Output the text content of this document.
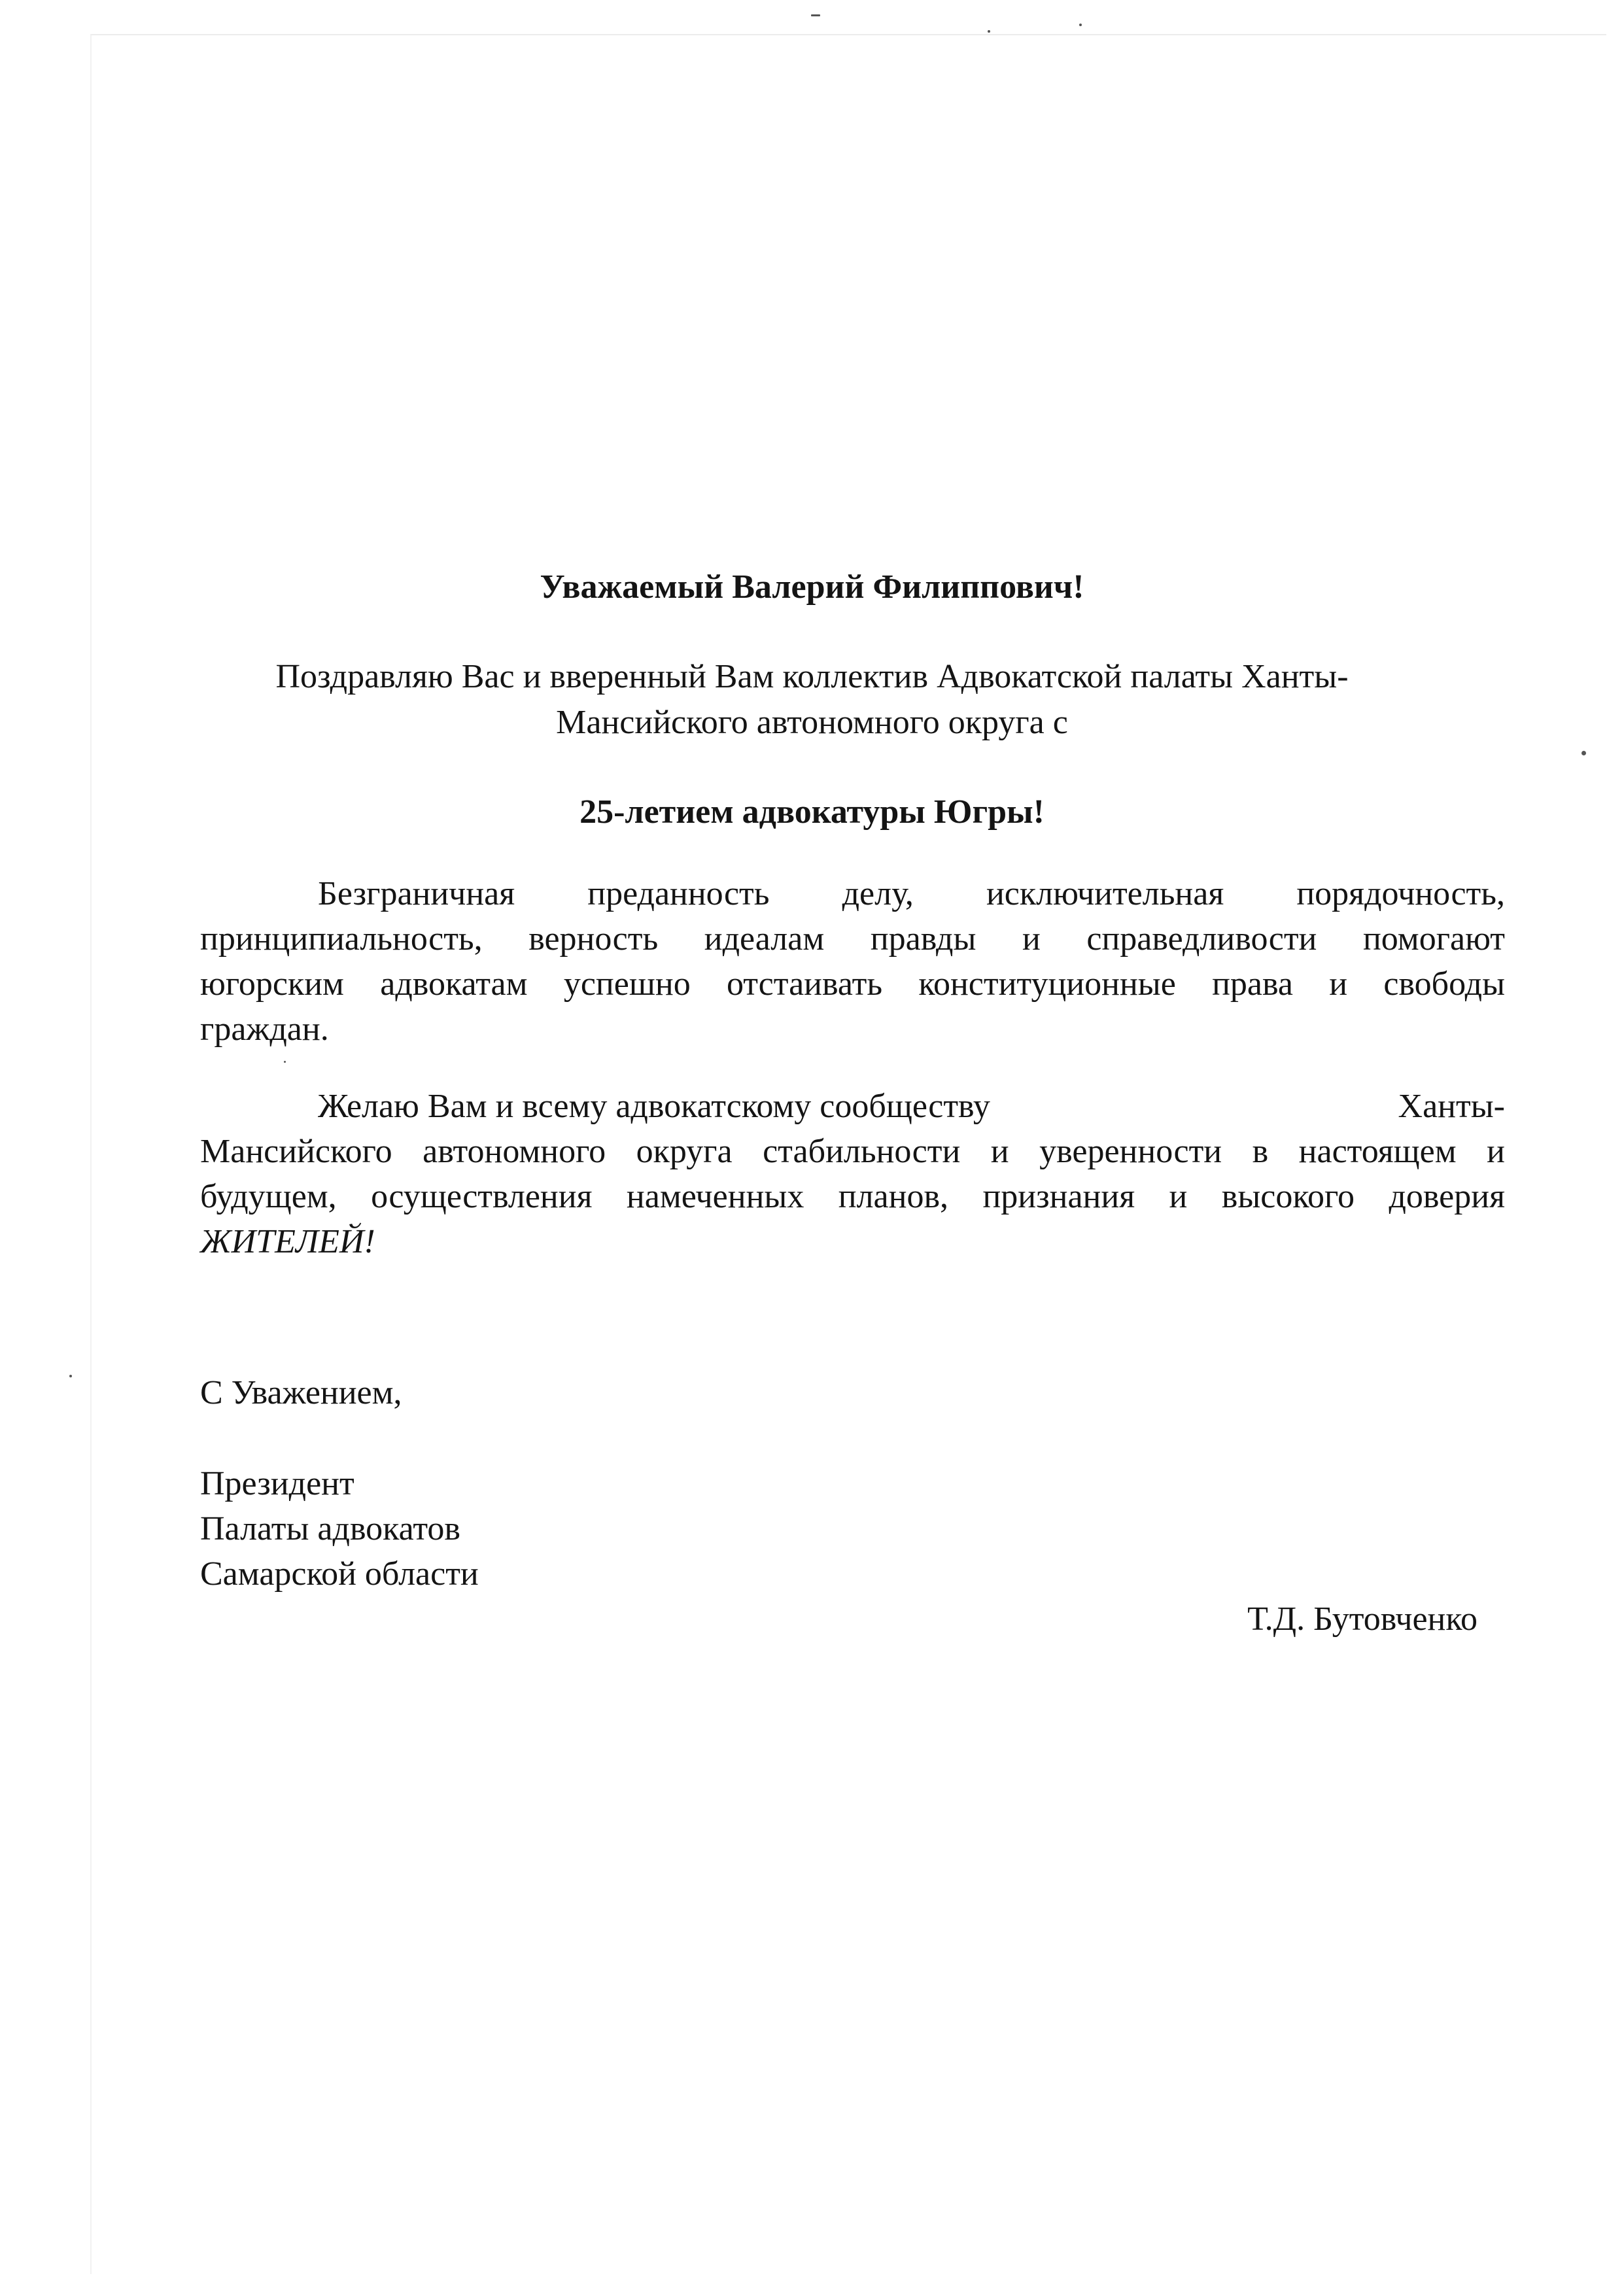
Уважаемый Валерий Филиппович!
Поздравляю Вас и вверенный Вам коллектив Адвокатской палаты Ханты-
Мансийского автономного округа с
25-летием адвокатуры Югры!
Безграничная преданность делу, исключительная порядочность,
принципиальность, верность идеалам правды и справедливости помогают
югорским адвокатам успешно отстаивать конституционные права и свободы
граждан.
Желаю Вам и всему адвокатскому сообществу	Ханты-
Мансийского автономного округа стабильности и уверенности в настоящем и
будущем, осуществления намеченных планов, признания и высокого доверия
ЖИТЕЛЕЙ!
С Уважением,
Президент
Палаты адвокатов
Самарской области
Т.Д. Бутовченко
